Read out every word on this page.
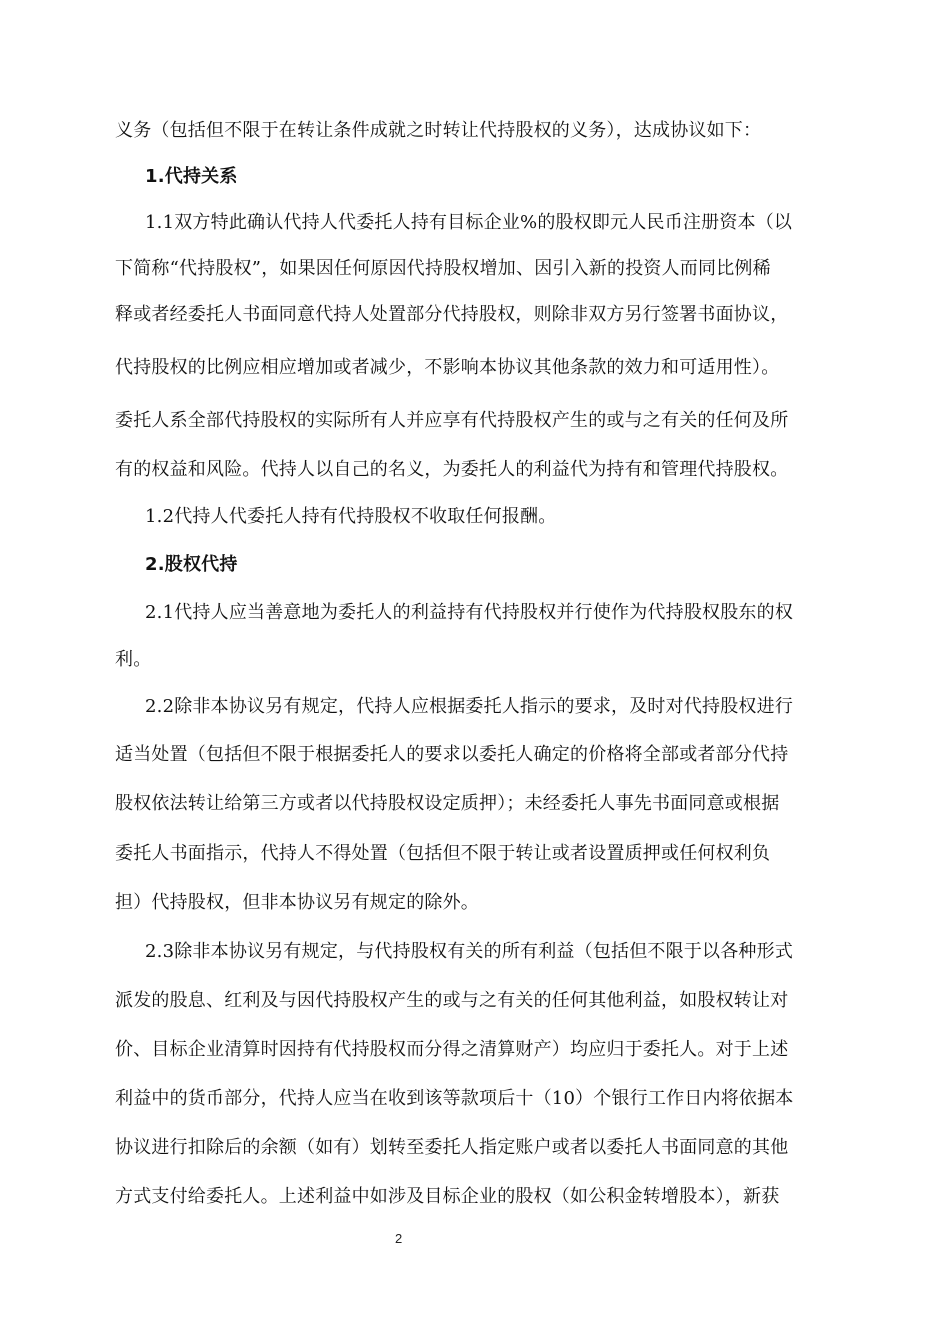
义务（包括但不限于在转让条件成就之时转让代持股权的义务），达成协议如下：
1.代持关系
1.1双方特此确认代持人代委托人持有目标企业%的股权即元人民币注册资本（以
下简称“代持股权”，如果因任何原因代持股权增加、因引入新的投资人而同比例稀
释或者经委托人书面同意代持人处置部分代持股权，则除非双方另行签署书面协议，
代持股权的比例应相应增加或者减少，不影响本协议其他条款的效力和可适用性）。
委托人系全部代持股权的实际所有人并应享有代持股权产生的或与之有关的任何及所
有的权益和风险。代持人以自己的名义，为委托人的利益代为持有和管理代持股权。
1.2代持人代委托人持有代持股权不收取任何报酬。
2.股权代持
2.1代持人应当善意地为委托人的利益持有代持股权并行使作为代持股权股东的权
利。
2.2除非本协议另有规定，代持人应根据委托人指示的要求，及时对代持股权进行
适当处置（包括但不限于根据委托人的要求以委托人确定的价格将全部或者部分代持
股权依法转让给第三方或者以代持股权设定质押）；未经委托人事先书面同意或根据
委托人书面指示，代持人不得处置（包括但不限于转让或者设置质押或任何权利负
担）代持股权，但非本协议另有规定的除外。
2.3除非本协议另有规定，与代持股权有关的所有利益（包括但不限于以各种形式
派发的股息、红利及与因代持股权产生的或与之有关的任何其他利益，如股权转让对
价、目标企业清算时因持有代持股权而分得之清算财产）均应归于委托人。对于上述
利益中的货币部分，代持人应当在收到该等款项后十（10）个银行工作日内将依据本
协议进行扣除后的余额（如有）划转至委托人指定账户或者以委托人书面同意的其他
方式支付给委托人。上述利益中如涉及目标企业的股权（如公积金转增股本），新获
2
